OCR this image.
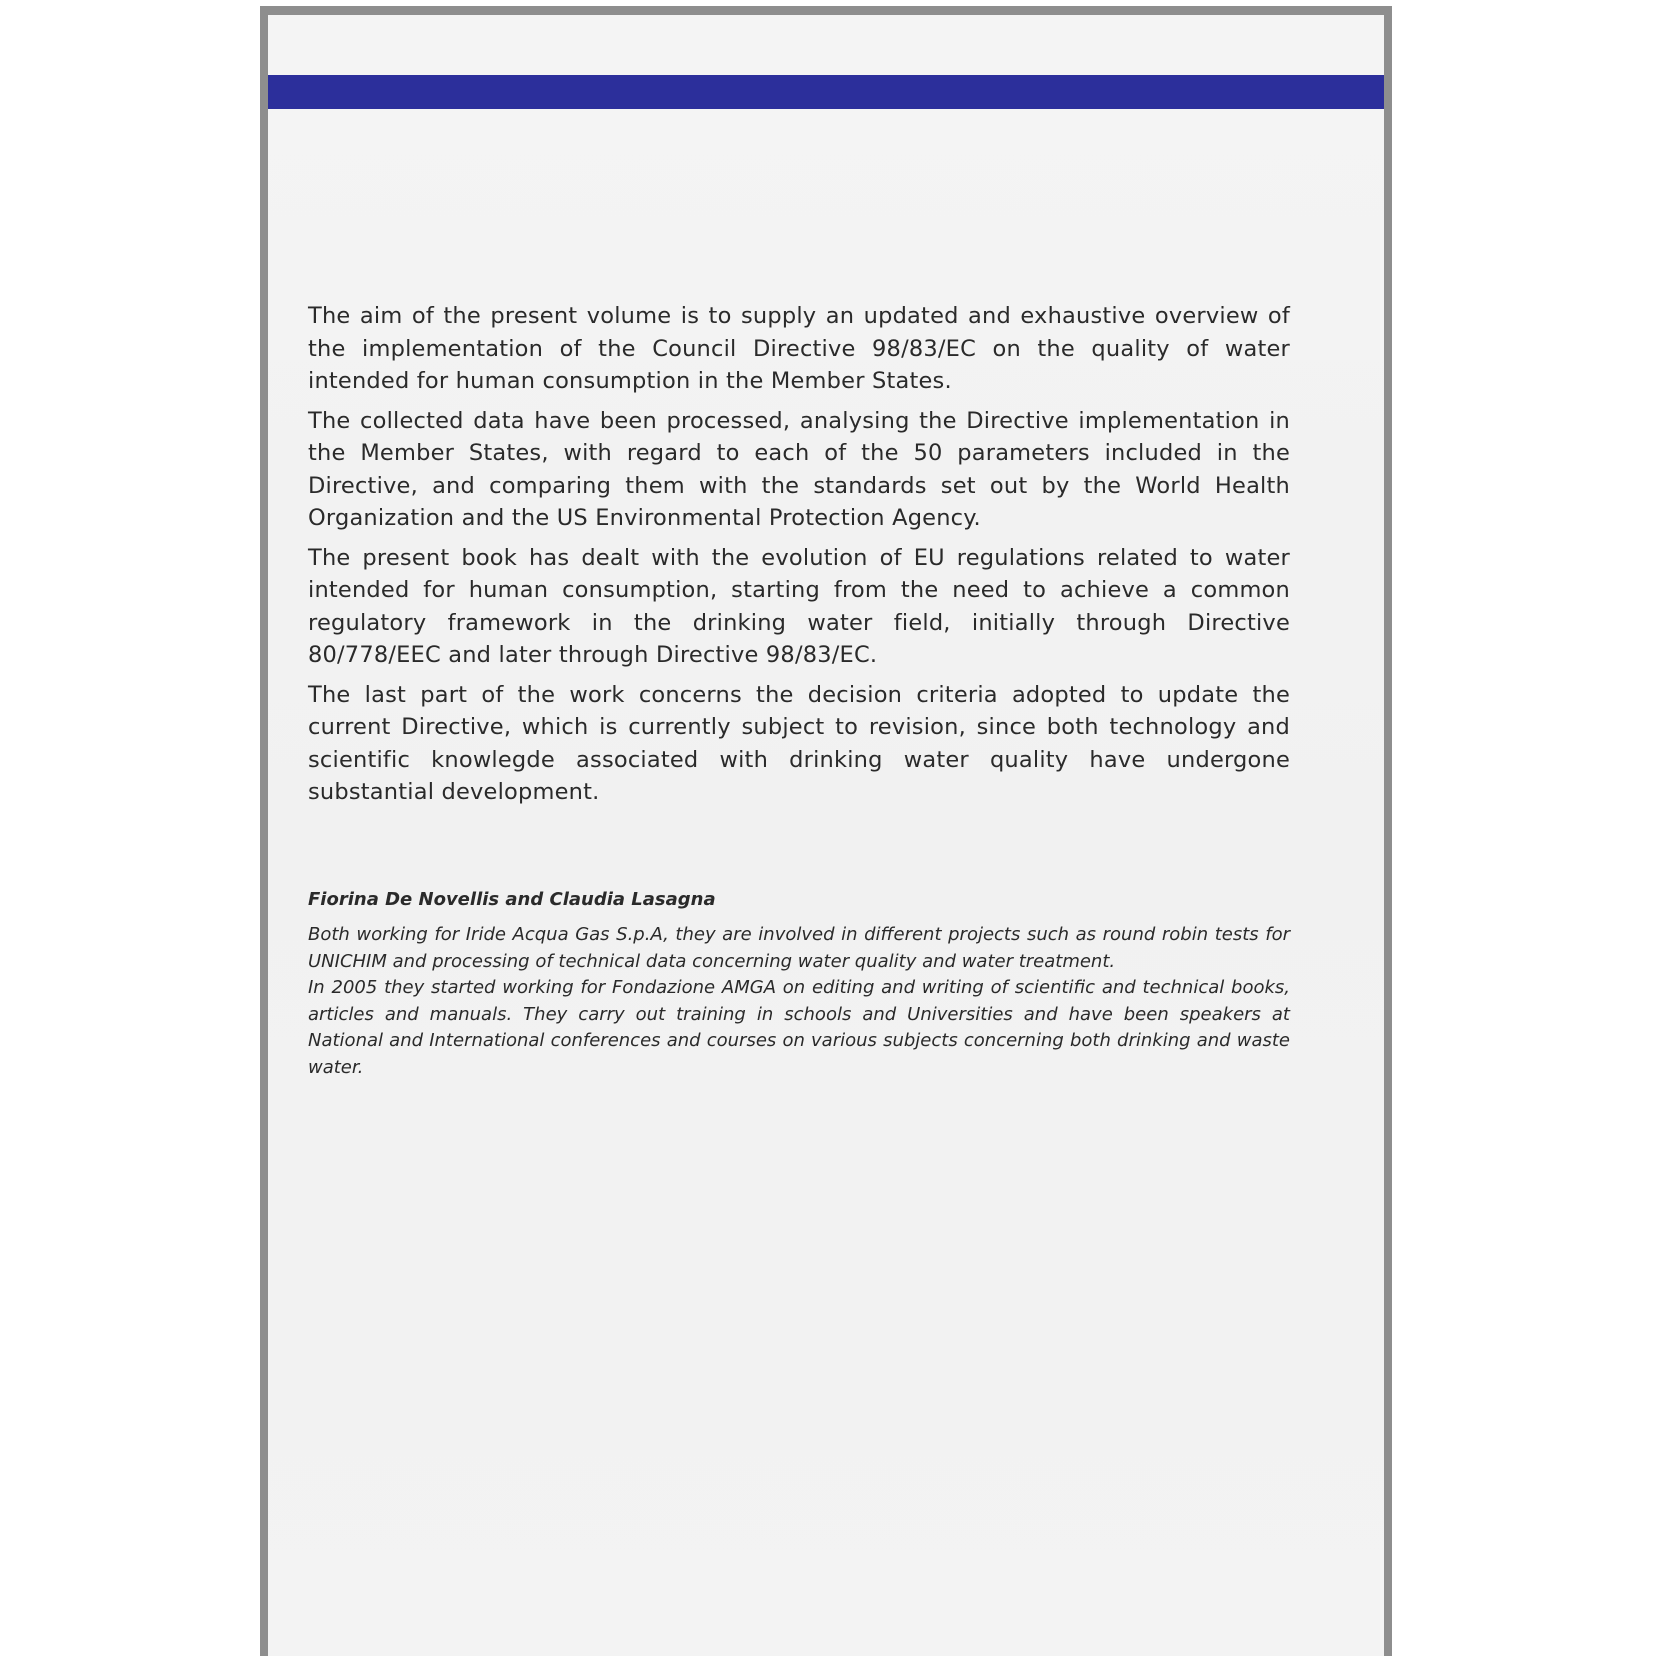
The aim of the present volume is to supply an updated and exhaustive overview of the implementation of the Council Directive 98/83/EC on the quality of water intended for human consumption in the Member States.

The collected data have been processed, analysing the Directive implementation in the Member States, with regard to each of the 50 parameters included in the Directive, and comparing them with the standards set out by the World Health Organization and the US Environmental Protection Agency.

The present book has dealt with the evolution of EU regulations related to water intended for human consumption, starting from the need to achieve a common regulatory framework in the drinking water field, initially through Directive 80/778/EEC and later through Directive 98/83/EC.

The last part of the work concerns the decision criteria adopted to update the current Directive, which is currently subject to revision, since both technology and scientific knowlegde associated with drinking water quality have undergone substantial development.

Fiorina De Novellis and Claudia Lasagna

Both working for Iride Acqua Gas S.p.A, they are involved in different projects such as round robin tests for UNICHIM and processing of technical data concerning water quality and water treatment.

In 2005 they started working for Fondazione AMGA on editing and writing of scientific and technical books, articles and manuals. They carry out training in schools and Universities and have been speakers at National and International conferences and courses on various subjects concerning both drinking and waste water.
